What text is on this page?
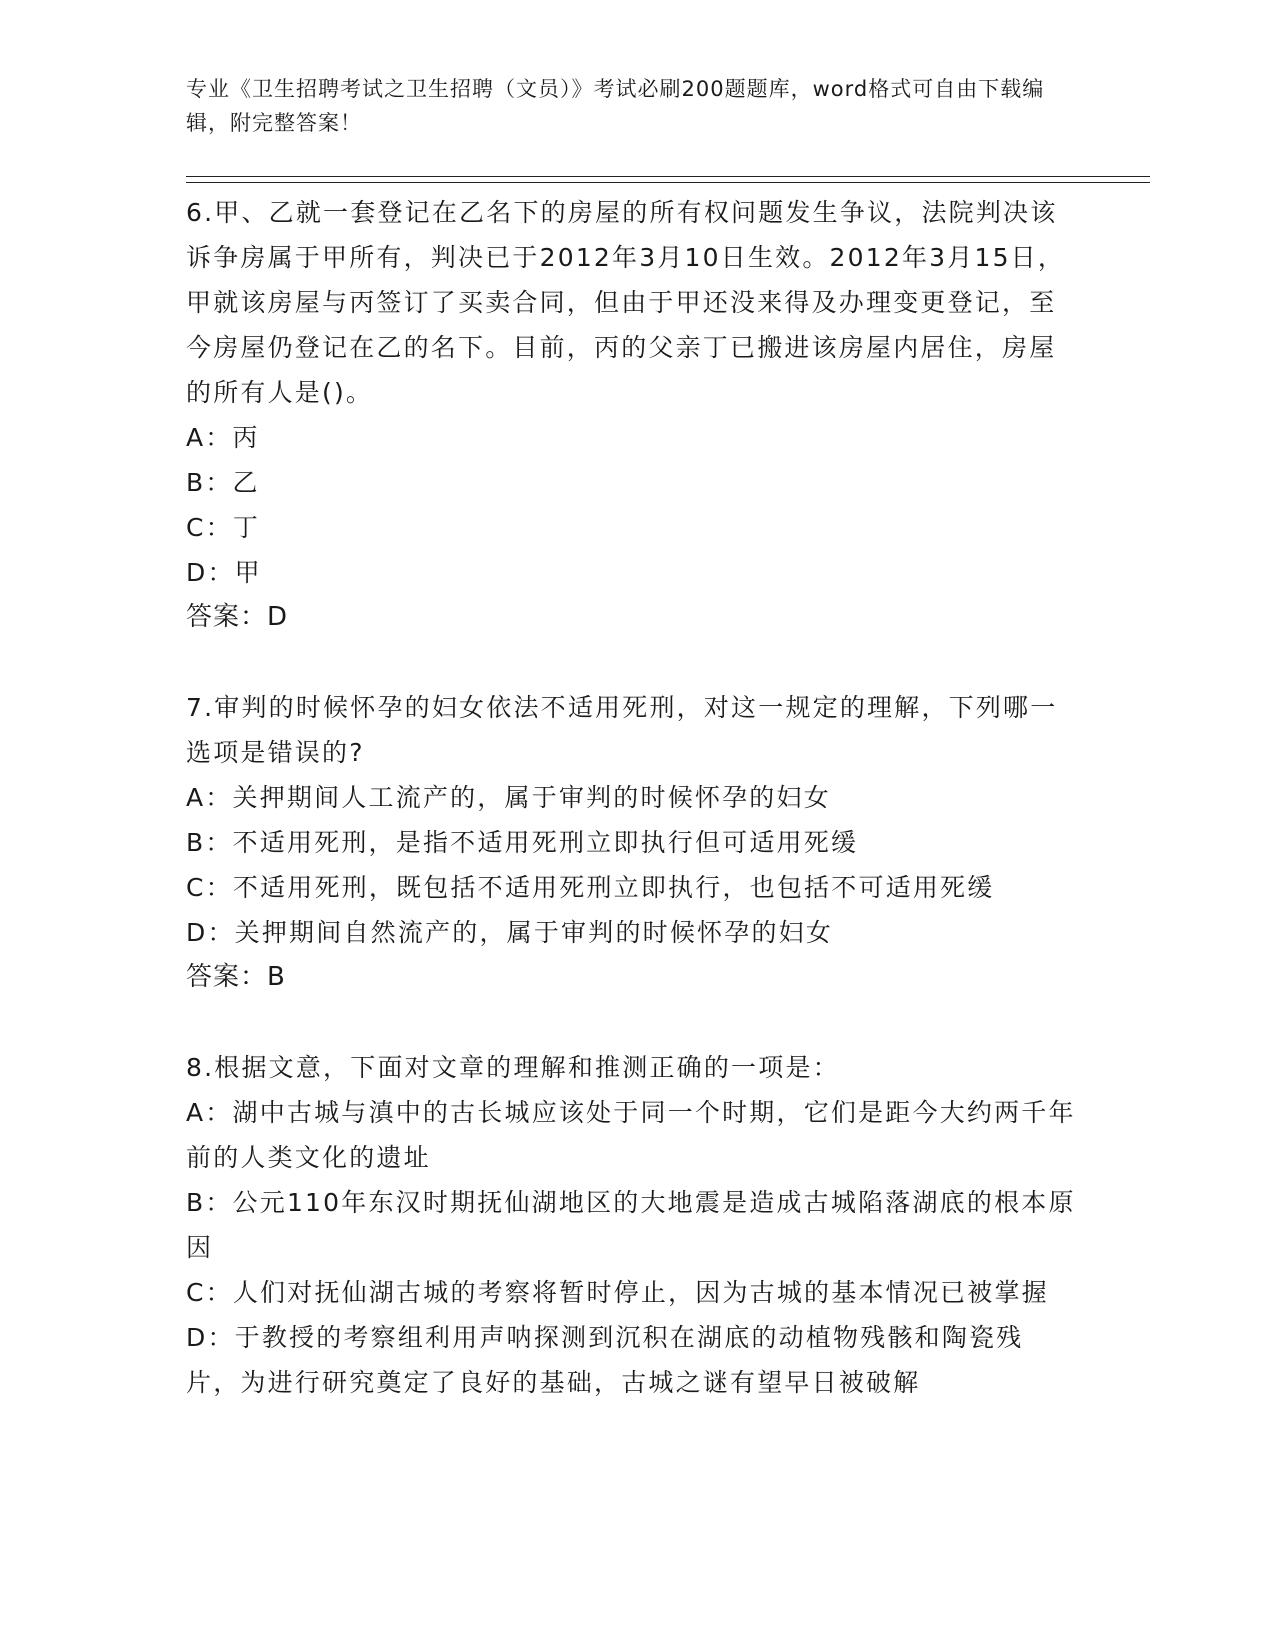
专业《卫生招聘考试之卫生招聘（文员）》考试必刷200题题库，word格式可自由下载编辑，附完整答案！

6.甲、乙就一套登记在乙名下的房屋的所有权问题发生争议，法院判决该诉争房属于甲所有，判决已于2012年3月10日生效。2012年3月15日，甲就该房屋与丙签订了买卖合同，但由于甲还没来得及办理变更登记，至今房屋仍登记在乙的名下。目前，丙的父亲丁已搬进该房屋内居住，房屋的所有人是()。

A：丙

B：乙

C：丁

D：甲

答案：D

7.审判的时候怀孕的妇女依法不适用死刑，对这一规定的理解，下列哪一选项是错误的?

A：关押期间人工流产的，属于审判的时候怀孕的妇女

B：不适用死刑，是指不适用死刑立即执行但可适用死缓

C：不适用死刑，既包括不适用死刑立即执行，也包括不可适用死缓

D：关押期间自然流产的，属于审判的时候怀孕的妇女

答案：B

8.根据文意，下面对文章的理解和推测正确的一项是：

A：湖中古城与滇中的古长城应该处于同一个时期，它们是距今大约两千年前的人类文化的遗址

B：公元110年东汉时期抚仙湖地区的大地震是造成古城陷落湖底的根本原因

C：人们对抚仙湖古城的考察将暂时停止，因为古城的基本情况已被掌握

D：于教授的考察组利用声呐探测到沉积在湖底的动植物残骸和陶瓷残片，为进行研究奠定了良好的基础，古城之谜有望早日被破解
